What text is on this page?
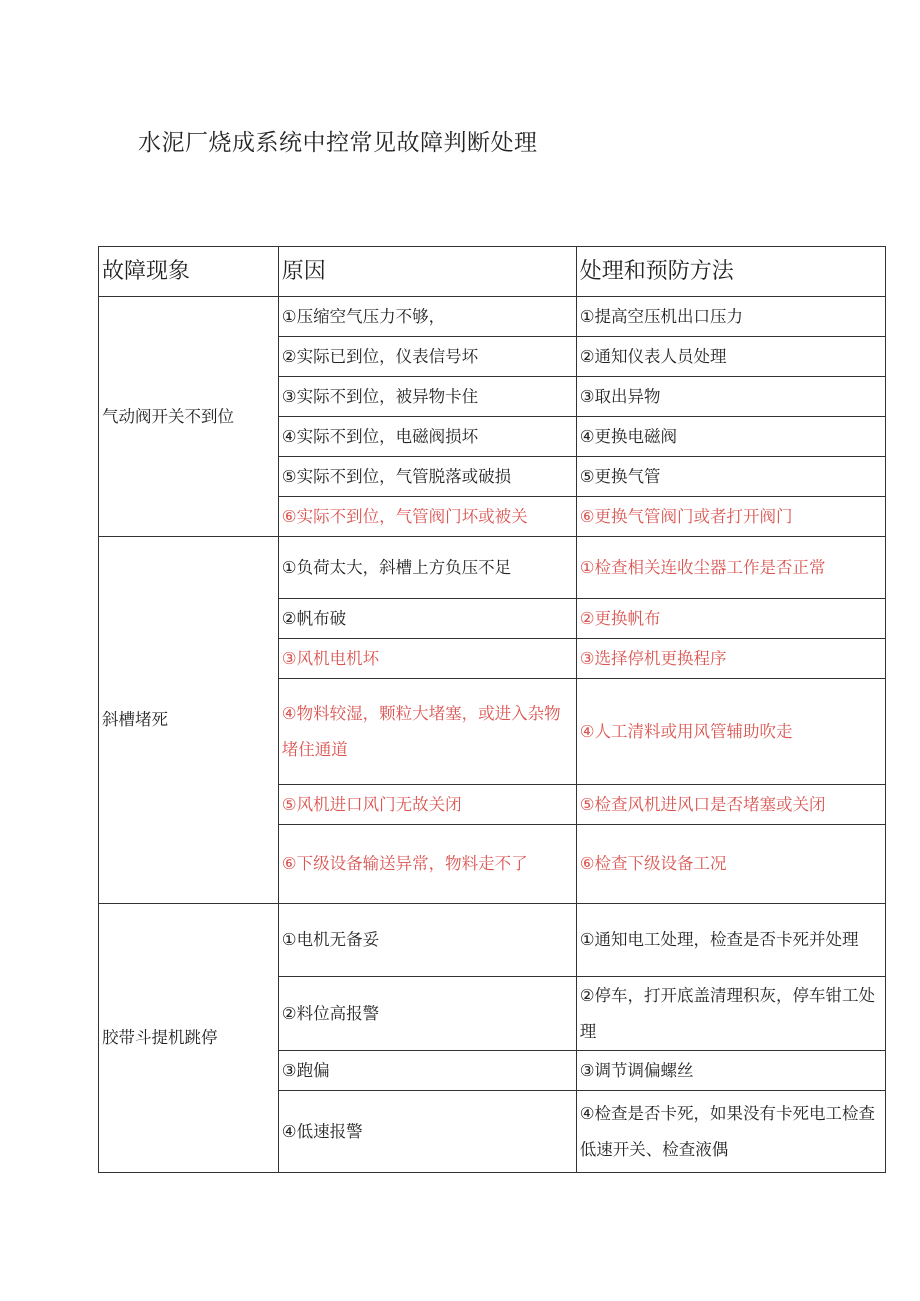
水泥厂烧成系统中控常见故障判断处理
故障现象	原因	处理和预防方法
气动阀开关不到位	①压缩空气压力不够，	①提高空压机出口压力
	②实际已到位，仪表信号坏	②通知仪表人员处理
	③实际不到位，被异物卡住	③取出异物
	④实际不到位，电磁阀损坏	④更换电磁阀
	⑤实际不到位，气管脱落或破损	⑤更换气管
	⑥实际不到位，气管阀门坏或被关	⑥更换气管阀门或者打开阀门
斜槽堵死	①负荷太大，斜槽上方负压不足	①检查相关连收尘器工作是否正常
	②帆布破	②更换帆布
	③风机电机坏	③选择停机更换程序
	④物料较湿，颗粒大堵塞，或进入杂物堵住通道	④人工清料或用风管辅助吹走
	⑤风机进口风门无故关闭	⑤检查风机进风口是否堵塞或关闭
	⑥下级设备输送异常，物料走不了	⑥检查下级设备工况
胶带斗提机跳停	①电机无备妥	①通知电工处理，检查是否卡死并处理
	②料位高报警	②停车，打开底盖清理积灰，停车钳工处理
	③跑偏	③调节调偏螺丝
	④低速报警	④检查是否卡死，如果没有卡死电工检查低速开关、检查液偶
